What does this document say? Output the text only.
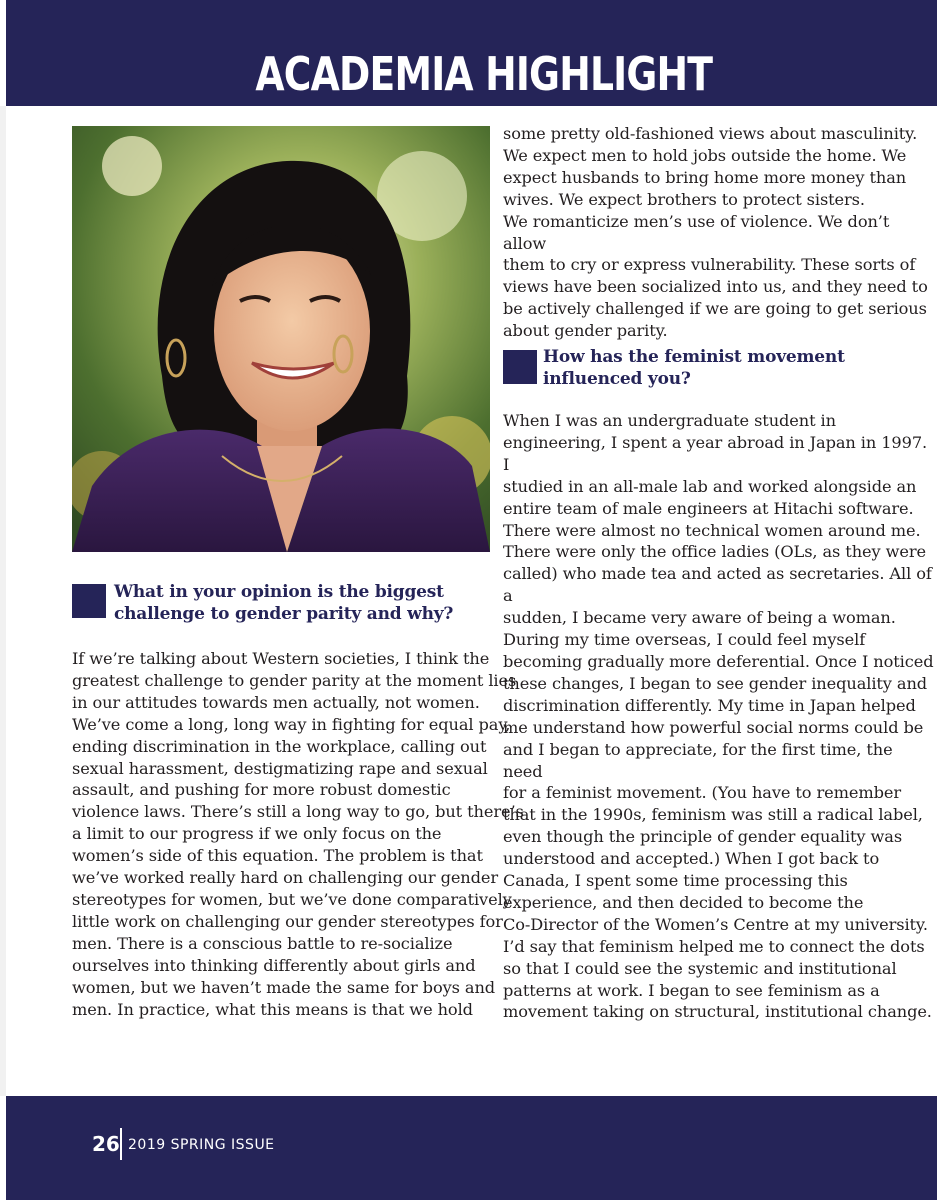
ACADEMIA HIGHLIGHT
What in your opinion is the biggest
challenge to gender parity and why?
If we’re talking about Western societies, I think the
greatest challenge to gender parity at the moment lies
in our attitudes towards men actually, not women.
We’ve come a long, long way in fighting for equal pay,
ending discrimination in the workplace, calling out
sexual harassment, destigmatizing rape and sexual
assault, and pushing for more robust domestic
violence laws. There’s still a long way to go, but there’s
a limit to our progress if we only focus on the
women’s side of this equation. The problem is that
we’ve worked really hard on challenging our gender
stereotypes for women, but we’ve done comparatively
little work on challenging our gender stereotypes for
men. There is a conscious battle to re-socialize
ourselves into thinking differently about girls and
women, but we haven’t made the same for boys and
men. In practice, what this means is that we hold
some pretty old-fashioned views about masculinity.
We expect men to hold jobs outside the home. We
expect husbands to bring home more money than
wives. We expect brothers to protect sisters.
We romanticize men’s use of violence. We don’t allow
them to cry or express vulnerability. These sorts of
views have been socialized into us, and they need to
be actively challenged if we are going to get serious
about gender parity.
How has the feminist movement
influenced you?
When I was an undergraduate student in
engineering, I spent a year abroad in Japan in 1997. I
studied in an all-male lab and worked alongside an
entire team of male engineers at Hitachi software.
There were almost no technical women around me.
There were only the office ladies (OLs, as they were
called) who made tea and acted as secretaries. All of a
sudden, I became very aware of being a woman.
During my time overseas, I could feel myself
becoming gradually more deferential. Once I noticed
these changes, I began to see gender inequality and
discrimination differently. My time in Japan helped
me understand how powerful social norms could be
and I began to appreciate, for the first time, the need
for a feminist movement. (You have to remember
that in the 1990s, feminism was still a radical label,
even though the principle of gender equality was
understood and accepted.) When I got back to
Canada, I spent some time processing this
experience, and then decided to become the
Co-Director of the Women’s Centre at my university.
I’d say that feminism helped me to connect the dots
so that I could see the systemic and institutional
patterns at work. I began to see feminism as a
movement taking on structural, institutional change.
26 2019 SPRING ISSUE
